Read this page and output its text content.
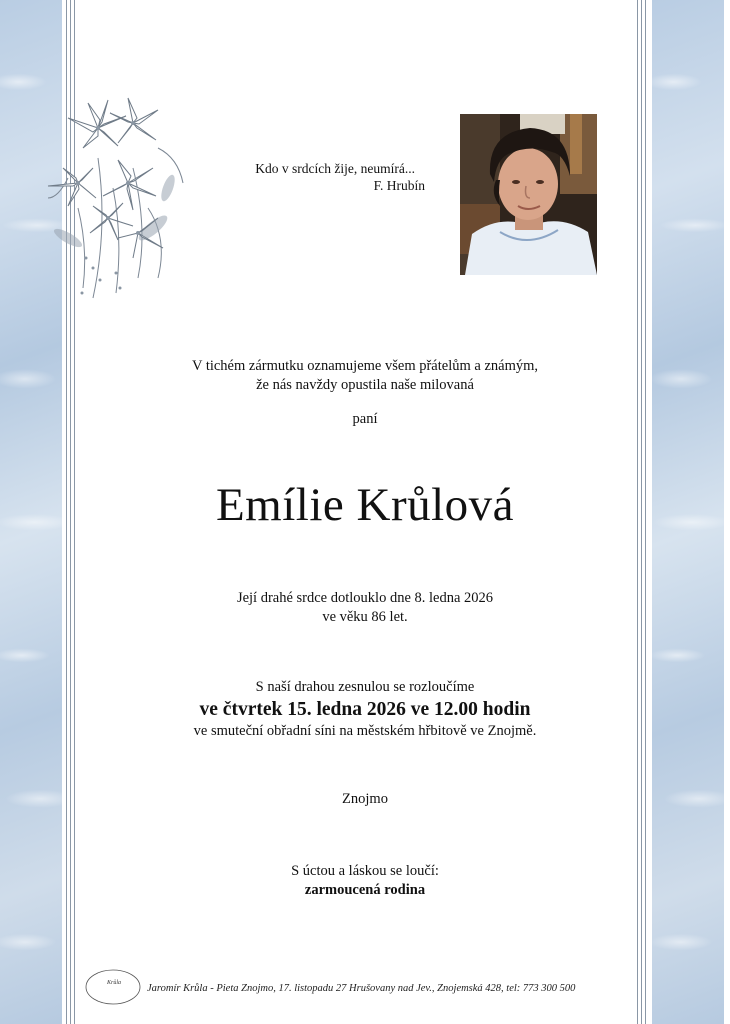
Kdo v srdcích žije, neumírá...
F. Hrubín
V tichém zármutku oznamujeme všem přátelům a známým,
že nás navždy opustila naše milovaná
paní
Emílie Krůlová
Její drahé srdce dotlouklo dne 8. ledna 2026
ve věku 86 let.
S naší drahou zesnulou se rozloučíme
ve čtvrtek 15. ledna 2026 ve 12.00 hodin
ve smuteční obřadní síni na městském hřbitově ve Znojmě.
Znojmo
S úctou a láskou se loučí:
zarmoucená rodina
Krůla	Jaromír Krůla - Pieta Znojmo, 17. listopadu 27 Hrušovany nad Jev., Znojemská 428, tel: 773 300 500
